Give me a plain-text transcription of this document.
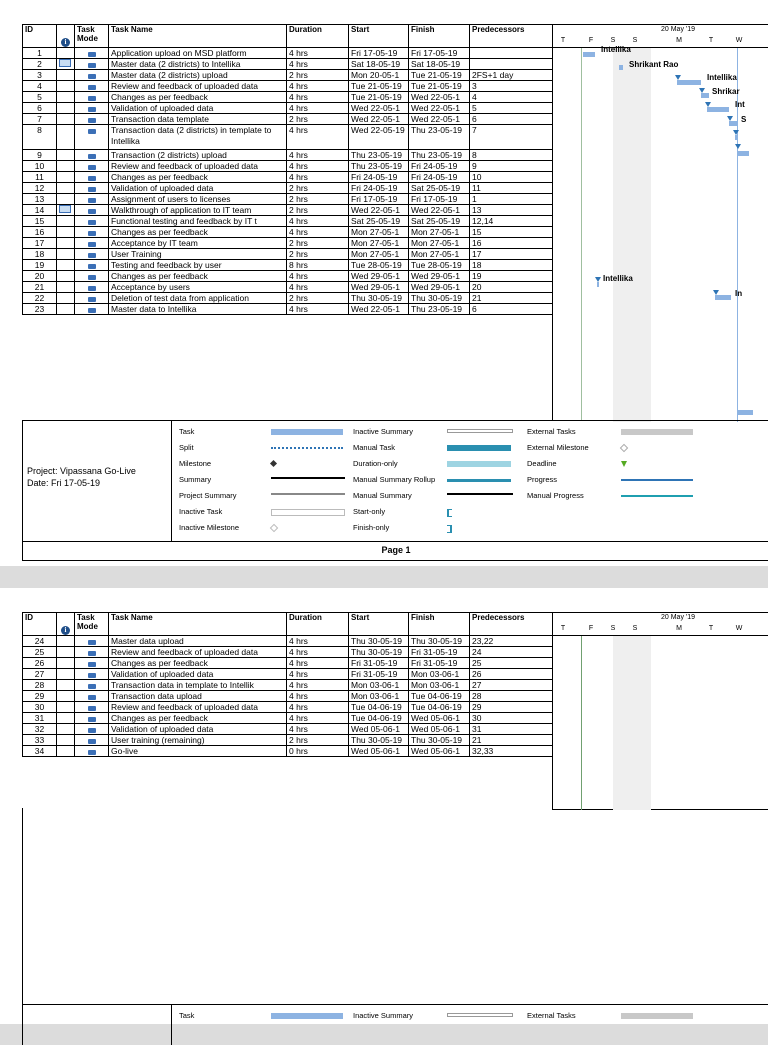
ID	i	Task Mode	Task Name	Duration	Start	Finish	Predecessors
1			Application upload on MSD platform	4 hrs	Fri 17-05-19	Fri 17-05-19	
2			Master data (2 districts) to Intellika	4 hrs	Sat 18-05-19	Sat 18-05-19	
3			Master data (2 districts) upload	2 hrs	Mon 20-05-1	Tue 21-05-19	2FS+1 day
4			Review and feedback of uploaded data	4 hrs	Tue 21-05-19	Tue 21-05-19	3
5			Changes as per feedback	4 hrs	Tue 21-05-19	Wed 22-05-1	4
6			Validation of uploaded data	4 hrs	Wed 22-05-1	Wed 22-05-1	5
7			Transaction data template	2 hrs	Wed 22-05-1	Wed 22-05-1	6
8			Transaction data (2 districts) in template to Intellika	4 hrs	Wed 22-05-19	Thu 23-05-19	7
9			Transaction (2 districts) upload	4 hrs	Thu 23-05-19	Thu 23-05-19	8
10			Review and feedback of uploaded data	4 hrs	Thu 23-05-19	Fri 24-05-19	9
11			Changes as per feedback	4 hrs	Fri 24-05-19	Fri 24-05-19	10
12			Validation of uploaded data	2 hrs	Fri 24-05-19	Sat 25-05-19	11
13			Assignment of users to licenses	2 hrs	Fri 17-05-19	Fri 17-05-19	1
14			Walkthrough of application to IT team	2 hrs	Wed 22-05-1	Wed 22-05-1	13
15			Functional testing and feedback by IT t	4 hrs	Sat 25-05-19	Sat 25-05-19	12,14
16			Changes as per feedback	4 hrs	Mon 27-05-1	Mon 27-05-1	15
17			Acceptance by IT team	2 hrs	Mon 27-05-1	Mon 27-05-1	16
18			User Training	2 hrs	Mon 27-05-1	Mon 27-05-1	17
19			Testing and feedback by user	8 hrs	Tue 28-05-19	Tue 28-05-19	18
20			Changes as per feedback	4 hrs	Wed 29-05-1	Wed 29-05-1	19
21			Acceptance by users	4 hrs	Wed 29-05-1	Wed 29-05-1	20
22			Deletion of test data from application	2 hrs	Thu 30-05-19	Thu 30-05-19	21
23			Master data to Intellika	4 hrs	Wed 22-05-1	Thu 23-05-19	6
20 May '19
T	F	S	S	M	T	W
Intellika
Shrikant Rao
Intellika
Shrikar
Int
S
Intellika
In
Project: Vipassana Go-Live
Date: Fri 17-05-19
Task
Split
Milestone
Summary
Project Summary
Inactive Task
Inactive Milestone
Inactive Summary
Manual Task
Duration-only
Manual Summary Rollup
Manual Summary
Start-only
Finish-only
External Tasks
External Milestone
Deadline
Progress
Manual Progress
Page 1
ID	i	Task Mode	Task Name	Duration	Start	Finish	Predecessors
24			Master data upload	4 hrs	Thu 30-05-19	Thu 30-05-19	23,22
25			Review and feedback of uploaded data	4 hrs	Thu 30-05-19	Fri 31-05-19	24
26			Changes as per feedback	4 hrs	Fri 31-05-19	Fri 31-05-19	25
27			Validation of uploaded data	4 hrs	Fri 31-05-19	Mon 03-06-1	26
28			Transaction data in template to Intellik	4 hrs	Mon 03-06-1	Mon 03-06-1	27
29			Transaction data upload	4 hrs	Mon 03-06-1	Tue 04-06-19	28
30			Review and feedback of uploaded data	4 hrs	Tue 04-06-19	Tue 04-06-19	29
31			Changes as per feedback	4 hrs	Tue 04-06-19	Wed 05-06-1	30
32			Validation of uploaded data	4 hrs	Wed 05-06-1	Wed 05-06-1	31
33			User training (remaining)	2 hrs	Thu 30-05-19	Thu 30-05-19	21
34			Go-live	0 hrs	Wed 05-06-1	Wed 05-06-1	32,33
20 May '19
T	F	S	S	M	T	W
Task	Inactive Summary	External Tasks
